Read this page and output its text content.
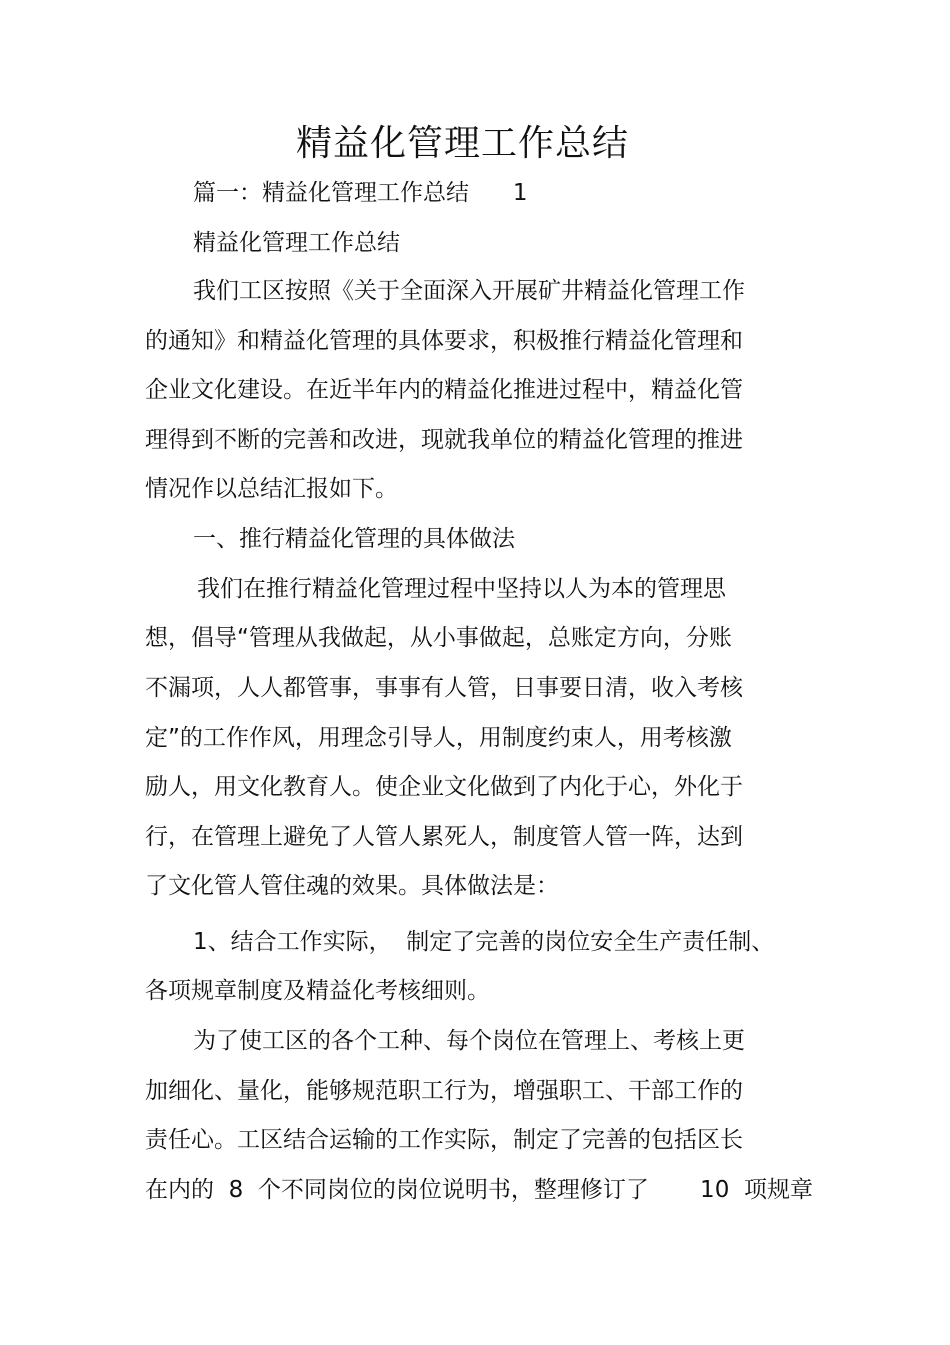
精益化管理工作总结

篇一：精益化管理工作总结      1

精益化管理工作总结

我们工区按照《关于全面深入开展矿井精益化管理工作

的通知》和精益化管理的具体要求，积极推行精益化管理和

企业文化建设。在近半年内的精益化推进过程中，精益化管

理得到不断的完善和改进，现就我单位的精益化管理的推进

情况作以总结汇报如下。

一、推行精益化管理的具体做法

我们在推行精益化管理过程中坚持以人为本的管理思

想，倡导“管理从我做起，从小事做起，总账定方向，分账

不漏项，人人都管事，事事有人管，日事要日清，收入考核

定”的工作作风，用理念引导人，用制度约束人，用考核激

励人，用文化教育人。使企业文化做到了内化于心，外化于

行，在管理上避免了人管人累死人，制度管人管一阵，达到

了文化管人管住魂的效果。具体做法是：

1、结合工作实际，  制定了完善的岗位安全生产责任制、

各项规章制度及精益化考核细则。

为了使工区的各个工种、每个岗位在管理上、考核上更

加细化、量化，能够规范职工行为，增强职工、干部工作的

责任心。工区结合运输的工作实际，制定了完善的包括区长

在内的  8  个不同岗位的岗位说明书，整理修订了       10  项规章
